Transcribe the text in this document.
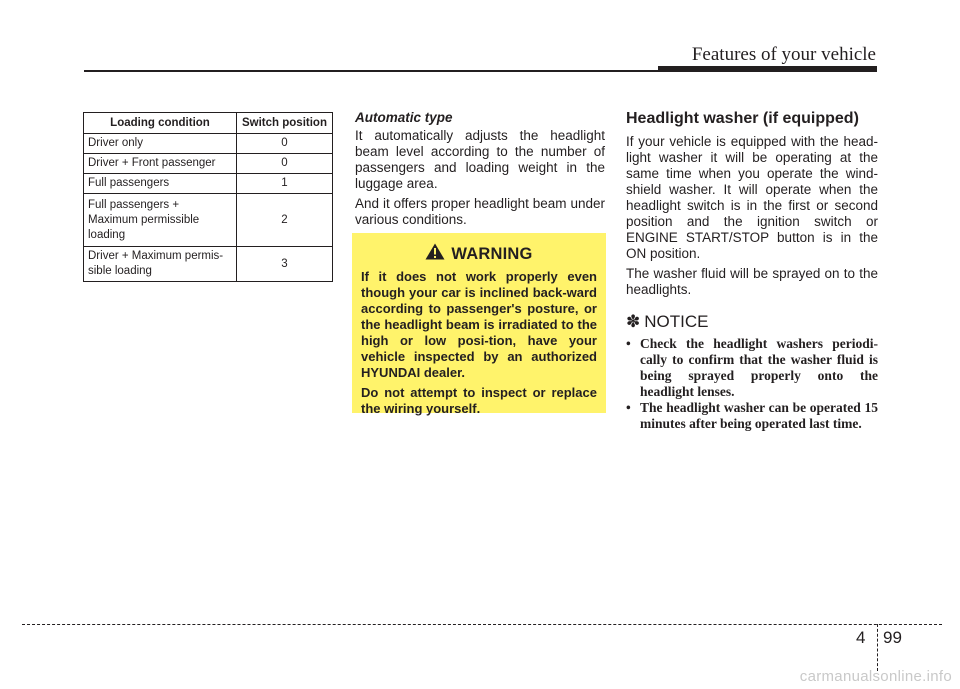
Features of your vehicle
Loading condition	Switch position
Driver only	0
Driver + Front passenger	0
Full passengers	1
Full passengers +
Maximum permissible
loading	2
Driver + Maximum permis-
sible loading	3

Automatic type

It automatically adjusts the headlight beam level according to the number of passengers and loading weight in the luggage area.

And it offers proper headlight beam under various conditions.

WARNING

If it does not work properly even though your car is inclined back-ward according to passenger's posture, or the headlight beam is irradiated to the high or low posi-tion, have your vehicle inspected by an authorized HYUNDAI dealer.

Do not attempt to inspect or replace the wiring yourself.

Headlight washer (if equipped)

If your vehicle is equipped with the head-light washer it will be operating at the same time when you operate the wind-shield washer. It will operate when the headlight switch is in the first or second position and the ignition switch or ENGINE START/STOP button is in the ON position.

The washer fluid will be sprayed on to the headlights.

✽ NOTICE
• Check the headlight washers periodi-cally to confirm that the washer fluid is being sprayed properly onto the headlight lenses.
• The headlight washer can be operated 15 minutes after being operated last time.
4 99
carmanualsonline.info
